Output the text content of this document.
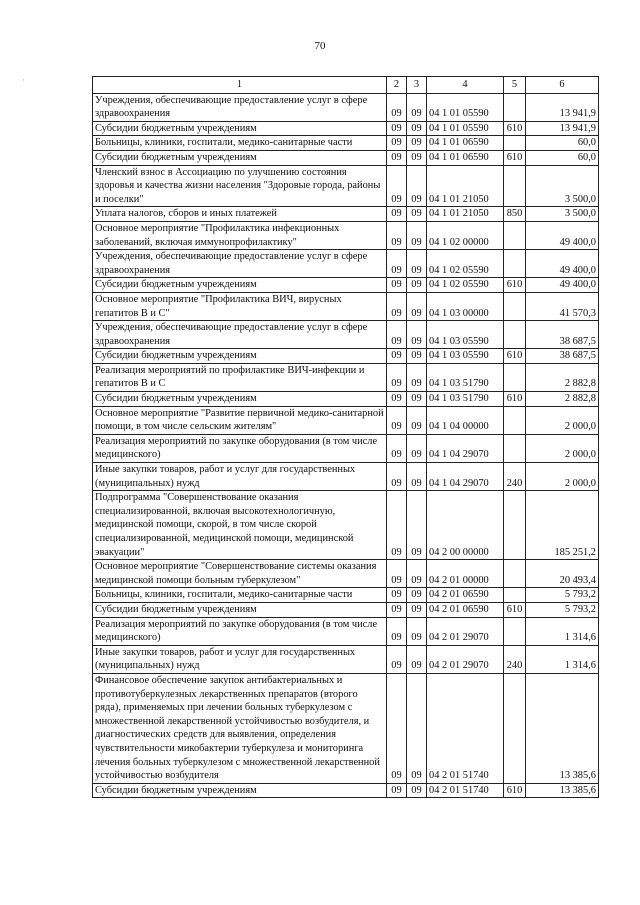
70
·	1	2	3	4	5	6
Учреждения, обеспечивающие предоставление услуг в сфере здравоохранения	09	09	04 1 01 05590		13 941,9
Субсидии бюджетным учреждениям	09	09	04 1 01 05590	610	13 941,9
Больницы, клиники, госпитали, медико-санитарные части	09	09	04 1 01 06590		60,0
Субсидии бюджетным учреждениям	09	09	04 1 01 06590	610	60,0
Членский взнос в Ассоциацию по улучшению состояния здоровья и качества жизни населения "Здоровые города, районы и поселки"	09	09	04 1 01 21050		3 500,0
Уплата налогов, сборов и иных платежей	09	09	04 1 01 21050	850	3 500,0
Основное мероприятие "Профилактика инфекционных заболеваний, включая иммунопрофилактику"	09	09	04 1 02 00000		49 400,0
Учреждения, обеспечивающие предоставление услуг в сфере здравоохранения	09	09	04 1 02 05590		49 400,0
Субсидии бюджетным учреждениям	09	09	04 1 02 05590	610	49 400,0
Основное мероприятие "Профилактика ВИЧ, вирусных гепатитов В и С"	09	09	04 1 03 00000		41 570,3
Учреждения, обеспечивающие предоставление услуг в сфере здравоохранения	09	09	04 1 03 05590		38 687,5
Субсидии бюджетным учреждениям	09	09	04 1 03 05590	610	38 687,5
Реализация мероприятий по профилактике ВИЧ-инфекции и гепатитов В и С	09	09	04 1 03 51790		2 882,8
Субсидии бюджетным учреждениям	09	09	04 1 03 51790	610	2 882,8
Основное мероприятие "Развитие первичной медико-санитарной помощи, в том числе сельским жителям"	09	09	04 1 04 00000		2 000,0
Реализация мероприятий по закупке оборудования (в том числе медицинского)	09	09	04 1 04 29070		2 000,0
Иные закупки товаров, работ и услуг для государственных (муниципальных) нужд	09	09	04 1 04 29070	240	2 000,0
Подпрограмма "Совершенствование оказания специализированной, включая высокотехнологичную, медицинской помощи, скорой, в том числе скорой специализированной, медицинской помощи, медицинской эвакуации"	09	09	04 2 00 00000		185 251,2
Основное мероприятие "Совершенствование системы оказания медицинской помощи больным туберкулезом"	09	09	04 2 01 00000		20 493,4
Больницы, клиники, госпитали, медико-санитарные части	09	09	04 2 01 06590		5 793,2
Субсидии бюджетным учреждениям	09	09	04 2 01 06590	610	5 793,2
Реализация мероприятий по закупке оборудования (в том числе медицинского)	09	09	04 2 01 29070		1 314,6
Иные закупки товаров, работ и услуг для государственных (муниципальных) нужд	09	09	04 2 01 29070	240	1 314,6
Финансовое обеспечение закупок антибактериальных и противотуберкулезных лекарственных препаратов (второго ряда), применяемых при лечении больных туберкулезом с множественной лекарственной устойчивостью возбудителя, и диагностических средств для выявления, определения чувствительности микобактерии туберкулеза и мониторинга лечения больных туберкулезом с множественной лекарственной устойчивостью возбудителя	09	09	04 2 01 51740		13 385,6
Субсидии бюджетным учреждениям	09	09	04 2 01 51740	610	13 385,6
